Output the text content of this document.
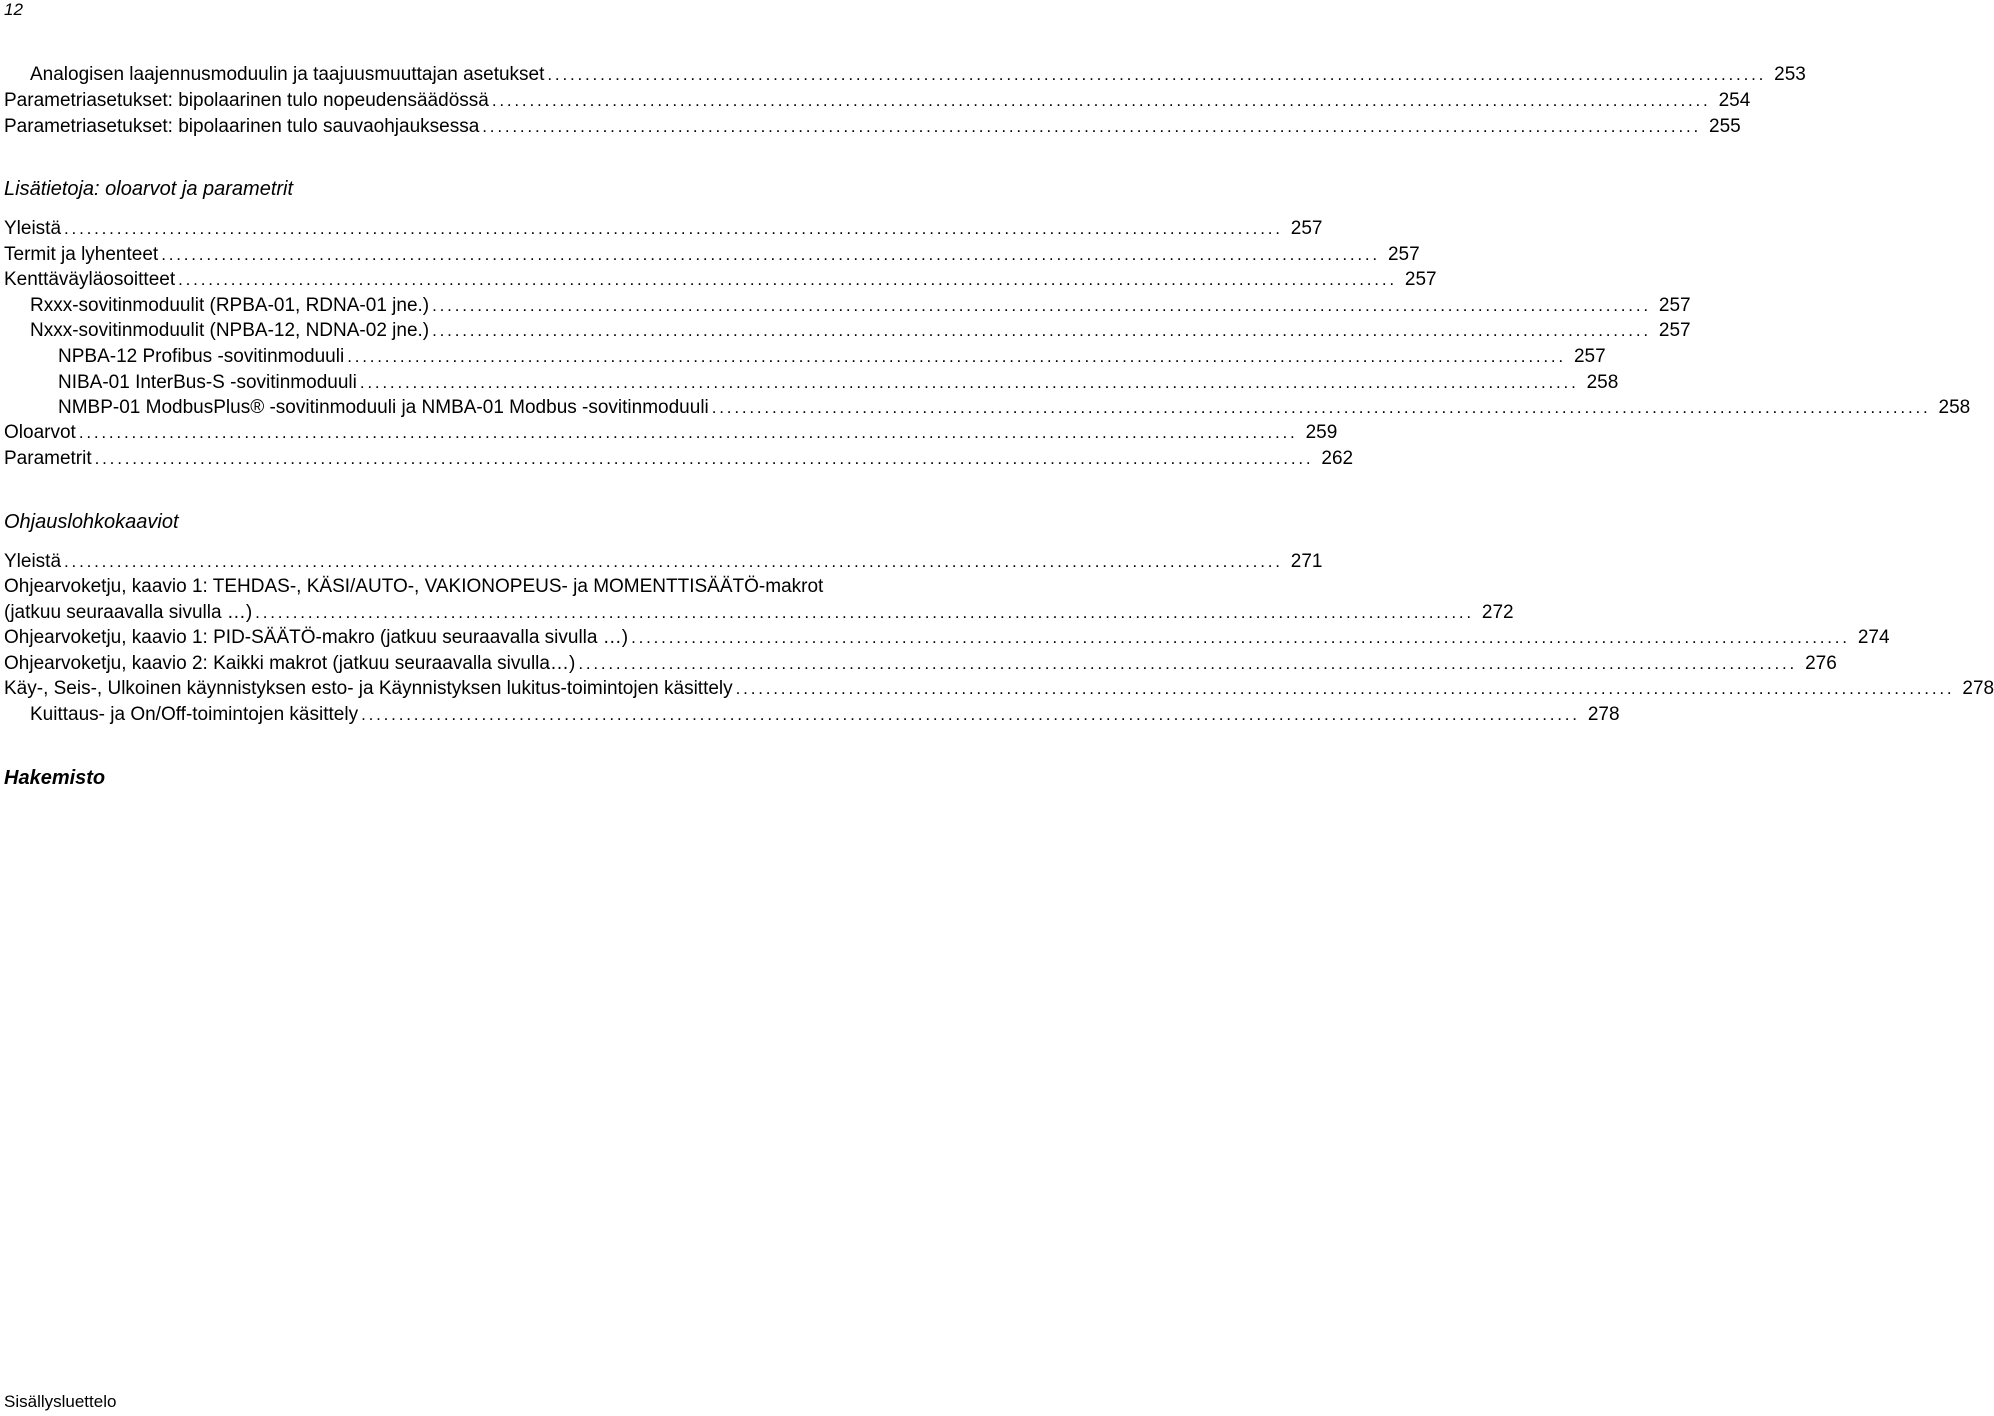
12
Analogisen laajennusmoduulin ja taajuusmuuttajan asetukset .................................................................................................................................................................. 253
Parametriasetukset: bipolaarinen tulo nopeudensäädössä .................................................................................................................................................................. 254
Parametriasetukset: bipolaarinen tulo sauvaohjauksessa .................................................................................................................................................................. 255
Lisätietoja: oloarvot ja parametrit
Yleistä .................................................................................................................................................................. 257
Termit ja lyhenteet .................................................................................................................................................................. 257
Kenttäväyläosoitteet .................................................................................................................................................................. 257
Rxxx-sovitinmoduulit (RPBA-01, RDNA-01 jne.) .................................................................................................................................................................. 257
Nxxx-sovitinmoduulit (NPBA-12, NDNA-02 jne.) .................................................................................................................................................................. 257
NPBA-12 Profibus -sovitinmoduuli .................................................................................................................................................................. 257
NIBA-01 InterBus-S -sovitinmoduuli .................................................................................................................................................................. 258
NMBP-01 ModbusPlus® -sovitinmoduuli ja NMBA-01 Modbus -sovitinmoduuli .................................................................................................................................................................. 258
Oloarvot .................................................................................................................................................................. 259
Parametrit .................................................................................................................................................................. 262
Ohjauslohkokaaviot
Yleistä .................................................................................................................................................................. 271
Ohjearvoketju, kaavio 1: TEHDAS-, KÄSI/AUTO-, VAKIONOPEUS- ja MOMENTTISÄÄTÖ-makrot
(jatkuu seuraavalla sivulla …) .................................................................................................................................................................. 272
Ohjearvoketju, kaavio 1: PID-SÄÄTÖ-makro (jatkuu seuraavalla sivulla …) .................................................................................................................................................................. 274
Ohjearvoketju, kaavio 2: Kaikki makrot (jatkuu seuraavalla sivulla…) .................................................................................................................................................................. 276
Käy-, Seis-, Ulkoinen käynnistyksen esto- ja Käynnistyksen lukitus-toimintojen käsittely .................................................................................................................................................................. 278
Kuittaus- ja On/Off-toimintojen käsittely .................................................................................................................................................................. 278
Hakemisto
Sisällysluettelo
